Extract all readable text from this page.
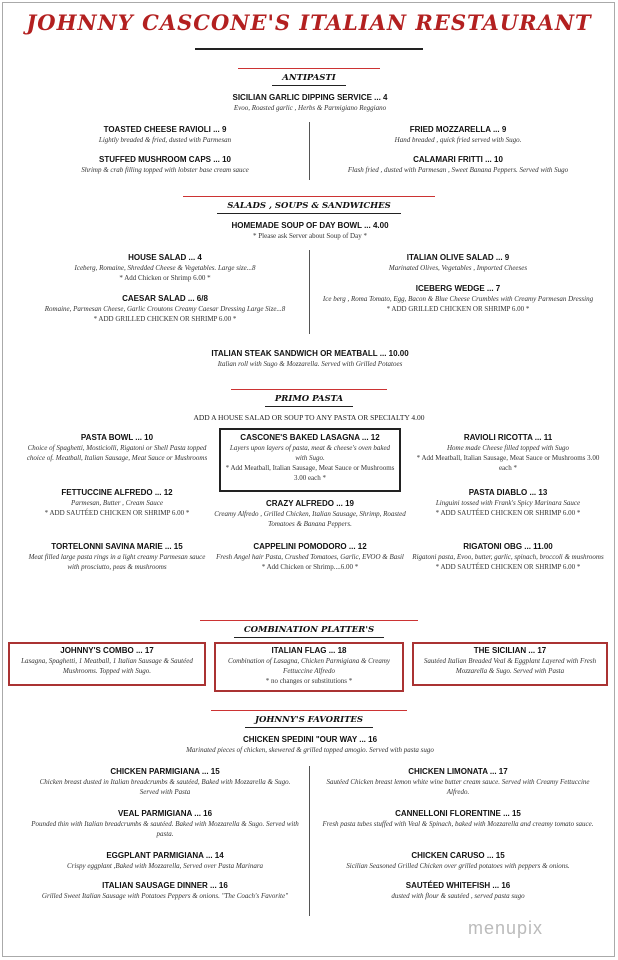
JOHNNY CASCONE'S ITALIAN RESTAURANT
ANTIPASTI
SICILIAN GARLIC DIPPING SERVICE ... 4
Evoo, Roasted garlic , Herbs & Parmigiano Reggiano
TOASTED CHEESE RAVIOLI ... 9
Lightly breaded & fried, dusted with Parmesan
STUFFED MUSHROOM CAPS ... 10
Shrimp & crab filling topped with lobster base cream sauce
FRIED MOZZARELLA ... 9
Hand breaded , quick fried served with Sugo.
CALAMARI FRITTI ... 10
Flash fried , dusted with Parmesan , Sweet Banana Peppers. Served with Sugo
SALADS , SOUPS & SANDWICHES
HOMEMADE SOUP OF DAY BOWL ... 4.00
* Please ask Server about Soup of Day *
HOUSE SALAD ... 4
Iceberg, Romaine, Shredded Cheese & Vegetables. Large size...8
* Add Chicken or Shrimp 6.00 *
CAESAR SALAD ... 6/8
Romaine, Parmesan Cheese, Garlic Croutons Creamy Caesar Dressing Large Size...8
* ADD GRILLED CHICKEN OR SHRIMP 6.00 *
ITALIAN OLIVE SALAD ... 9
Marinated Olives, Vegetables , Imported Cheeses
ICEBERG WEDGE ... 7
Ice berg , Roma Tomato, Egg, Bacon & Blue Cheese Crumbles with Creamy Parmesan Dressing
* ADD GRILLED CHICKEN OR SHRIMP 6.00 *
ITALIAN STEAK SANDWICH OR MEATBALL ... 10.00
Italian roll with Sugo & Mozzarella. Served with Grilled Potatoes
PRIMO PASTA
ADD A HOUSE SALAD OR SOUP TO ANY PASTA OR SPECIALTY 4.00
PASTA BOWL ... 10
Choice of Spaghetti, Mosticiolli, Rigatoni or Shell Pasta topped choice of. Meatball, Italian Sausage, Meat Sauce or Mushrooms
FETTUCCINE ALFREDO ... 12
Parmesan, Butter , Cream Sauce
* ADD SAUTÉED CHICKEN OR SHRIMP 6.00 *
TORTELONNI SAVINA MARIE ... 15
Meat filled large pasta rings in a light creamy Parmesan sauce with prosciutto, peas & mushrooms
CASCONE'S BAKED LASAGNA ... 12
Layers upon layers of pasta, meat & cheese's oven baked with Sugo.
* Add Meatball, Italian Sausage, Meat Sauce or Mushrooms 3.00 each *
CRAZY ALFREDO ... 19
Creamy Alfredo , Grilled Chicken, Italian Sausage, Shrimp, Roasted Tomatoes & Banana Peppers.
CAPPELINI POMODORO ... 12
Fresh Angel hair Pasta, Crushed Tomatoes, Garlic, EVOO & Basil
* Add Chicken or Shrimp....6.00 *
RAVIOLI RICOTTA ... 11
Home made Cheese filled topped with Sugo
* Add Meatball, Italian Sausage, Meat Sauce or Mushrooms 3.00 each *
PASTA DIABLO ... 13
Linguini tossed with Frank's Spicy Marinara Sauce
* ADD SAUTÉED CHICKEN OR SHRIMP 6.00 *
RIGATONI OBG ... 11.00
Rigatoni pasta, Evoo, butter, garlic, spinach, broccoli & mushrooms
* ADD SAUTÉED CHICKEN OR SHRIMP 6.00 *
COMBINATION PLATTER'S
JOHNNY'S COMBO ... 17
Lasagna, Spaghetti, 1 Meatball, 1 Italian Sausage & Sautéed Mushrooms. Topped with Sugo.
ITALIAN FLAG ... 18
Combination of Lasagna, Chicken Parmigiana & Creamy Fettuccine Alfredo
* no changes or substitutions *
THE SICILIAN ... 17
Sautéed Italian Breaded Veal & Eggplant Layered with Fresh Mozzarella & Sugo. Served with Pasta
JOHNNY'S FAVORITES
CHICKEN SPEDINI "OUR WAY ... 16
Marinated pieces of chicken, skewered & grilled topped amogio. Served with pasta sugo
CHICKEN PARMIGIANA ... 15
Chicken breast dusted in Italian breadcrumbs & sautéed, Baked with Mozzarella & Sugo. Served with Pasta
VEAL PARMIGIANA ... 16
Pounded thin with Italian breadcrumbs & sautéed. Baked with Mozzarella & Sugo. Served with pasta.
EGGPLANT PARMIGIANA ... 14
Crispy eggplant ,Baked with Mozzarella, Served over Pasta Marinara
ITALIAN SAUSAGE DINNER ... 16
Grilled Sweet Italian Sausage with Potatoes Peppers & onions. "The Coach's Favorite"
CHICKEN LIMONATA ... 17
Sautéed Chicken breast lemon white wine butter cream sauce. Served with Creamy Fettuccine Alfredo.
CANNELLONI FLORENTINE ... 15
Fresh pasta tubes stuffed with Veal & Spinach, baked with Mozzarella and creamy tomato sauce.
CHICKEN CARUSO ... 15
Sicilian Seasoned Grilled Chicken over grilled potatoes with peppers & onions.
SAUTÉED WHITEFISH ... 16
dusted with flour & sautéed , served pasta sugo
menupix
